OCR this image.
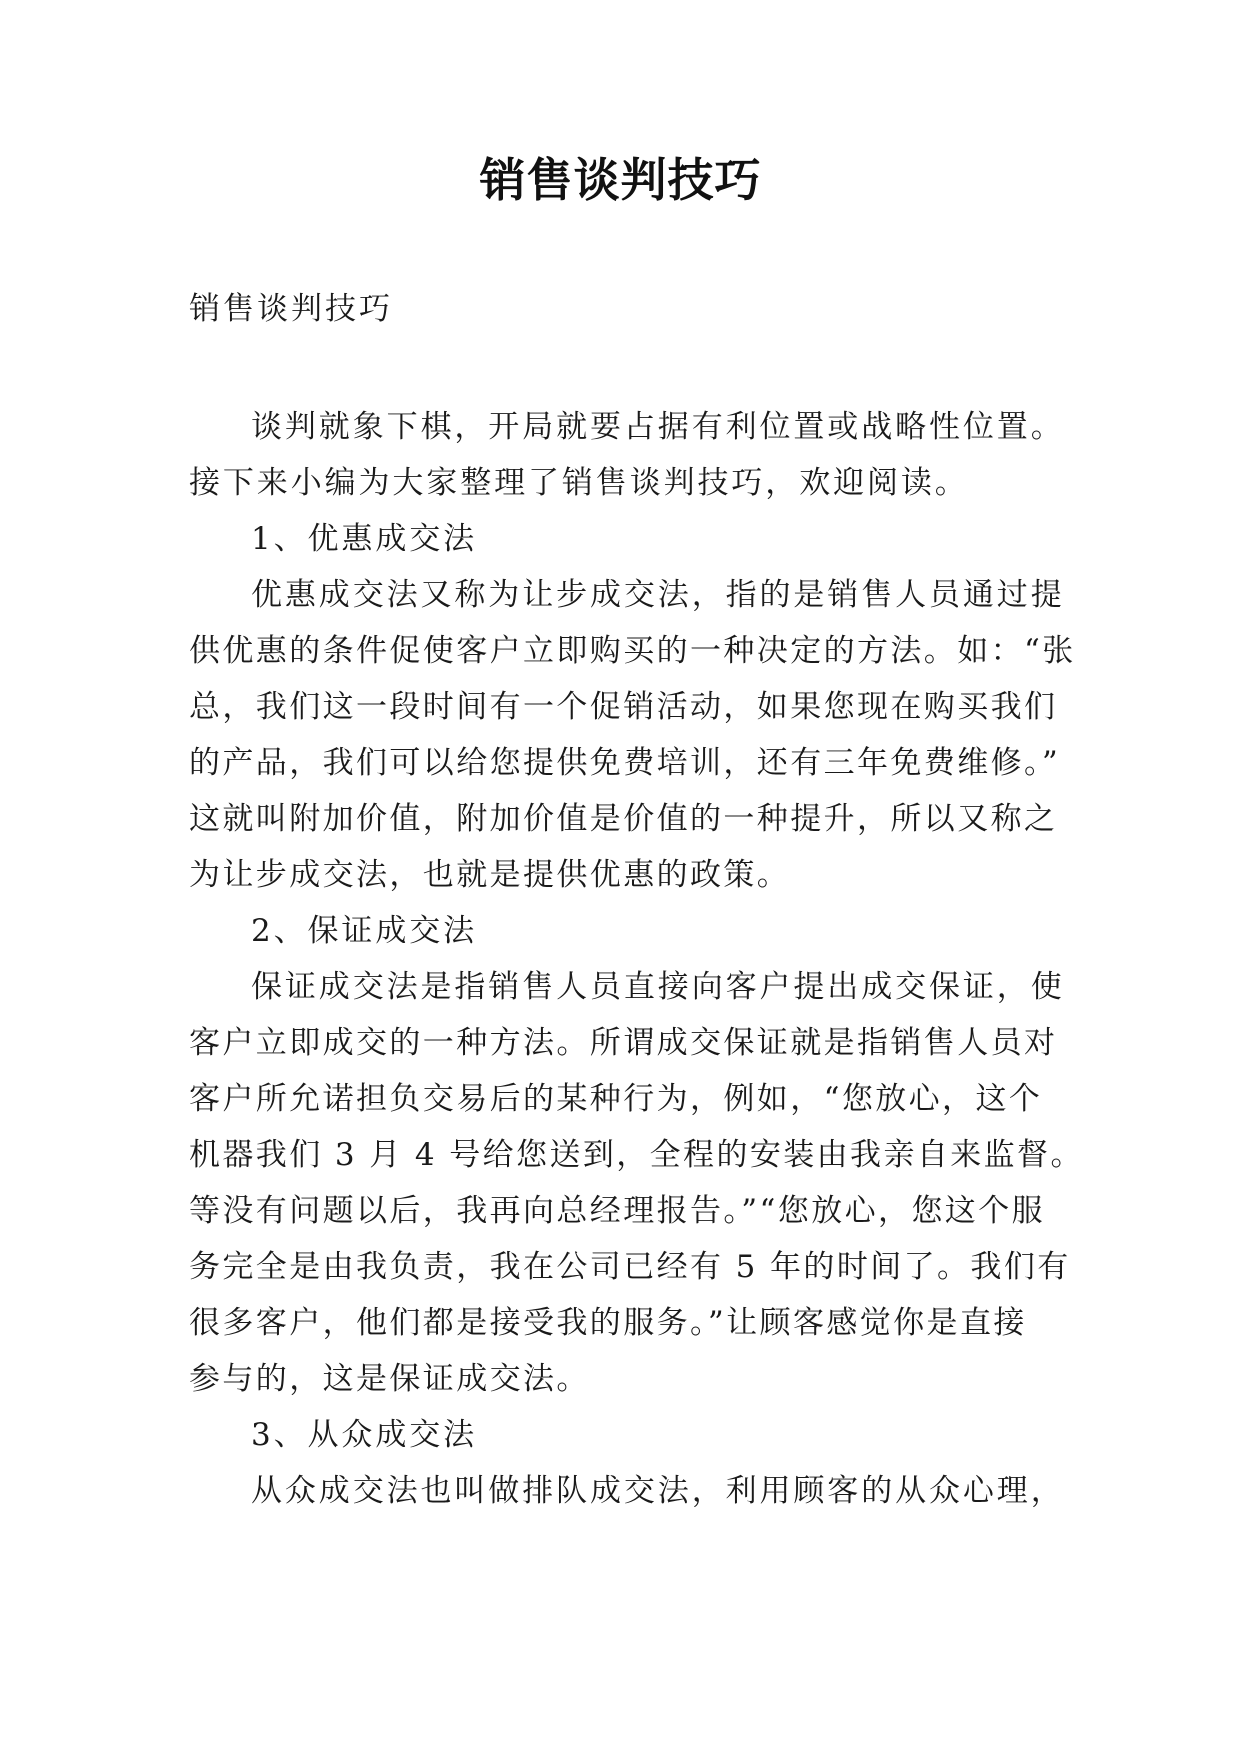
销售谈判技巧

销售谈判技巧

谈判就象下棋，开局就要占据有利位置或战略性位置。
接下来小编为大家整理了销售谈判技巧，欢迎阅读。
1、优惠成交法
优惠成交法又称为让步成交法，指的是销售人员通过提
供优惠的条件促使客户立即购买的一种决定的方法。如：“张
总，我们这一段时间有一个促销活动，如果您现在购买我们
的产品，我们可以给您提供免费培训，还有三年免费维修。”
这就叫附加价值，附加价值是价值的一种提升，所以又称之
为让步成交法，也就是提供优惠的政策。
2、保证成交法
保证成交法是指销售人员直接向客户提出成交保证，使
客户立即成交的一种方法。所谓成交保证就是指销售人员对
客户所允诺担负交易后的某种行为，例如，“您放心，这个
机器我们 3 月 4 号给您送到，全程的安装由我亲自来监督。
等没有问题以后，我再向总经理报告。”“您放心，您这个服
务完全是由我负责，我在公司已经有 5 年的时间了。我们有
很多客户，他们都是接受我的服务。”让顾客感觉你是直接
参与的，这是保证成交法。
3、从众成交法
从众成交法也叫做排队成交法，利用顾客的从众心理，
